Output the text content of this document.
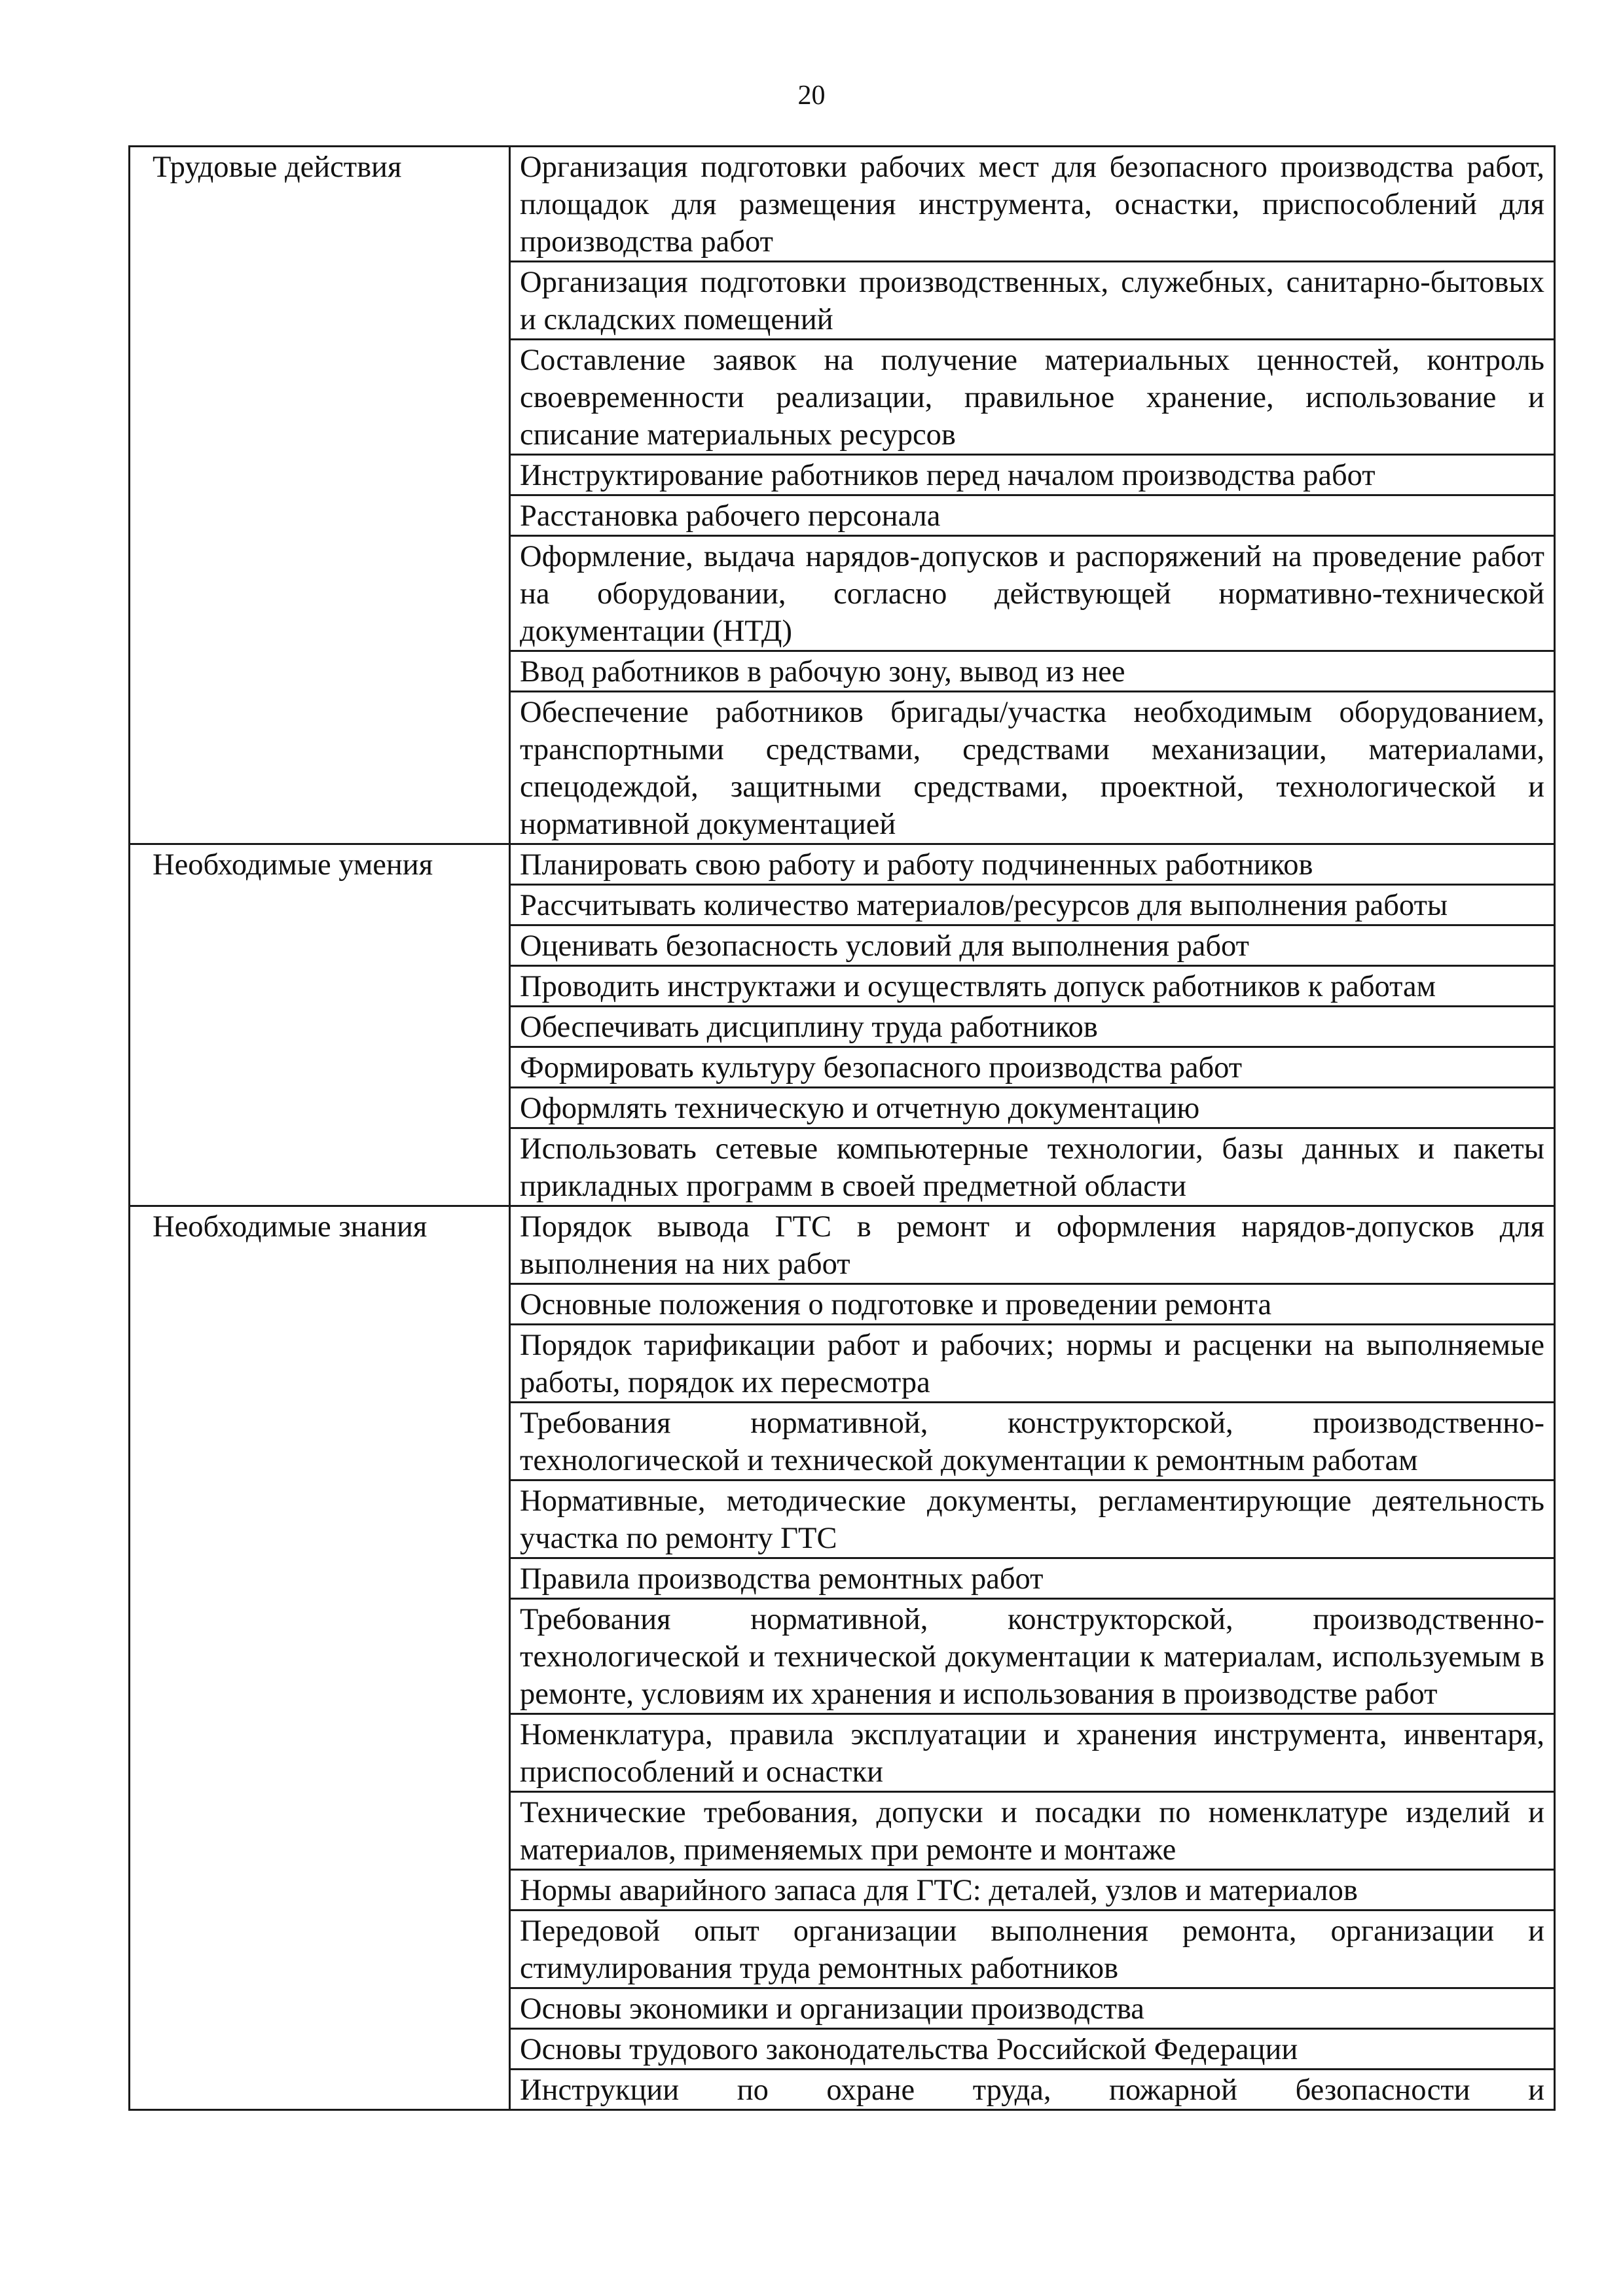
20
Трудовые действия	Организация подготовки рабочих мест для безопасного производства работ, площадок для размещения инструмента, оснастки, приспособлений для производства работ
	Организация подготовки производственных, служебных, санитарно-бытовых и складских помещений
	Составление заявок на получение материальных ценностей, контроль своевременности реализации, правильное хранение, использование и списание материальных ресурсов
	Инструктирование работников перед началом производства работ
	Расстановка рабочего персонала
	Оформление, выдача нарядов-допусков и распоряжений на проведение работ на оборудовании, согласно действующей нормативно-технической документации (НТД)
	Ввод работников в рабочую зону, вывод из нее
	Обеспечение работников бригады/участка необходимым оборудованием, транспортными средствами, средствами механизации, материалами, спецодеждой, защитными средствами, проектной, технологической и нормативной документацией
Необходимые умения	Планировать свою работу и работу подчиненных работников
	Рассчитывать количество материалов/ресурсов для выполнения работы
	Оценивать безопасность условий для выполнения работ
	Проводить инструктажи и осуществлять допуск работников к работам
	Обеспечивать дисциплину труда работников
	Формировать культуру безопасного производства работ
	Оформлять техническую и отчетную документацию
	Использовать сетевые компьютерные технологии, базы данных и пакеты прикладных программ в своей предметной области
Необходимые знания	Порядок вывода ГТС в ремонт и оформления нарядов-допусков для выполнения на них работ
	Основные положения о подготовке и проведении ремонта
	Порядок тарификации работ и рабочих; нормы и расценки на выполняемые работы, порядок их пересмотра
	Требования нормативной, конструкторской, производственно-технологической и технической документации к ремонтным работам
	Нормативные, методические документы, регламентирующие деятельность участка по ремонту ГТС
	Правила производства ремонтных работ
	Требования нормативной, конструкторской, производственно-технологической и технической документации к материалам, используемым в ремонте, условиям их хранения и использования в производстве работ
	Номенклатура, правила эксплуатации и хранения инструмента, инвентаря, приспособлений и оснастки
	Технические требования, допуски и посадки по номенклатуре изделий и материалов, применяемых при ремонте и монтаже
	Нормы аварийного запаса для ГТС: деталей, узлов и материалов
	Передовой опыт организации выполнения ремонта, организации и стимулирования труда ремонтных работников
	Основы экономики и организации производства
	Основы трудового законодательства Российской Федерации
	Инструкции по охране труда, пожарной безопасности и
